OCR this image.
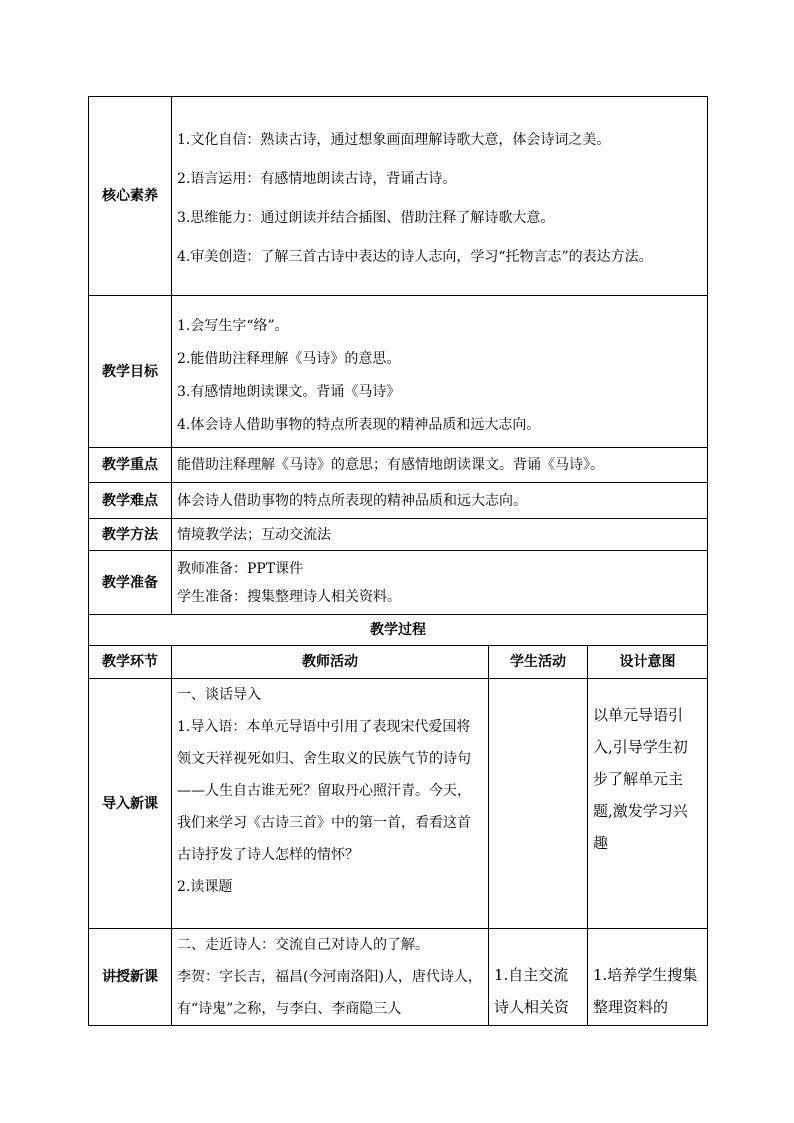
核心素养	1.文化自信：熟读古诗，通过想象画面理解诗歌大意，体会诗词之美。

2.语言运用：有感情地朗读古诗，背诵古诗。

3.思维能力：通过朗读并结合插图、借助注释了解诗歌大意。

4.审美创造：了解三首古诗中表达的诗人志向，学习“托物言志”的表达方法。		

教学目标	1.会写生字“络”。

2.能借助注释理解《马诗》的意思。

3.有感情地朗读课文。背诵《马诗》

4.体会诗人借助事物的特点所表现的精神品质和远大志向。		

教学重点	能借助注释理解《马诗》的意思；有感情地朗读课文。背诵《马诗》。		
教学难点	体会诗人借助事物的特点所表现的精神品质和远大志向。		
教学方法	情境教学法；互动交流法		
教学准备	教师准备：PPT课件

学生准备：搜集整理诗人相关资料。		

教学过程			
教学环节	教师活动	学生活动	设计意图
导入新课	一、谈话导入

1.导入语：本单元导语中引用了表现宋代爱国将领文天祥视死如归、舍生取义的民族气节的诗句——人生自古谁无死？留取丹心照汗青。今天，我们来学习《古诗三首》中的第一首，看看这首古诗抒发了诗人怎样的情怀？

2.读课题		以单元导语引入,引导学生初步了解单元主题,激发学习兴趣
讲授新课	二、走近诗人：交流自己对诗人的了解。

李贺：字长吉，福昌(今河南洛阳)人，唐代诗人，有“诗鬼”之称，与李白、李商隐三人	1.自主交流诗人相关资	1.培养学生搜集整理资料的
